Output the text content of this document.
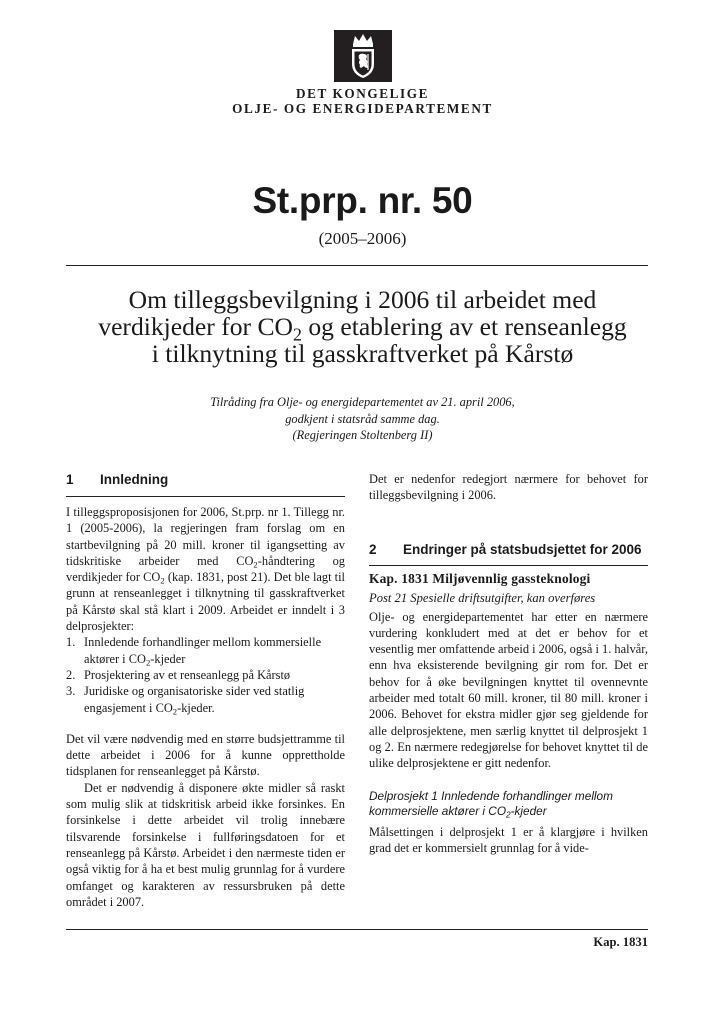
DET KONGELIGE
OLJE- OG ENERGIDEPARTEMENT
St.prp. nr. 50
(2005–2006)
Om tilleggsbevilgning i 2006 til arbeidet med
verdikjeder for $CO_2$ og etablering av et renseanlegg
i tilknytning til gasskraftverket på Kårstø
Tilråding fra Olje- og energidepartementet av 21. april 2006,
godkjent i statsråd samme dag.
(Regjeringen Stoltenberg II)
1 Innledning

I tilleggsproposisjonen for 2006, St.prp. nr 1. Tillegg nr. 1 (2005-2006), la regjeringen fram forslag om en startbevilgning på 20 mill. kroner til igangsetting av tidskritiske arbeider med $CO_2$-håndtering og verdikjeder for $CO_2$ (kap. 1831, post 21). Det ble lagt til grunn at renseanlegget i tilknytning til gasskraftverket på Kårstø skal stå klart i 2009. Arbeidet er inndelt i 3 delprosjekter:

1. Innledende forhandlinger mellom kommersielle aktører i $CO_2$-kjeder
2. Prosjektering av et renseanlegg på Kårstø
3. Juridiske og organisatoriske sider ved statlig engasjement i $CO_2$-kjeder.

Det vil være nødvendig med en større budsjettramme til dette arbeidet i 2006 for å kunne opprettholde tidsplanen for renseanlegget på Kårstø.

Det er nødvendig å disponere økte midler så raskt som mulig slik at tidskritisk arbeid ikke forsinkes. En forsinkelse i dette arbeidet vil trolig innebære tilsvarende forsinkelse i fullføringsdatoen for et renseanlegg på Kårstø. Arbeidet i den nærmeste tiden er også viktig for å ha et best mulig grunnlag for å vurdere omfanget og karakteren av ressursbruken på dette området i 2007.

Det er nedenfor redegjort nærmere for behovet for tilleggsbevilgning i 2006.

2 Endringer på statsbudsjettet for 2006
Kap. 1831 Miljøvennlig gassteknologi
Post 21 Spesielle driftsutgifter, kan overføres

Olje- og energidepartementet har etter en nærmere vurdering konkludert med at det er behov for et vesentlig mer omfattende arbeid i 2006, også i 1. halvår, enn hva eksisterende bevilgning gir rom for. Det er behov for å øke bevilgningen knyttet til ovennevnte arbeider med totalt 60 mill. kroner, til 80 mill. kroner i 2006. Behovet for ekstra midler gjør seg gjeldende for alle delprosjektene, men særlig knyttet til delprosjekt 1 og 2. En nærmere redegjørelse for behovet knyttet til de ulike delprosjektene er gitt nedenfor.

Delprosjekt 1 Innledende forhandlinger mellom kommersielle aktører i $CO_2$-kjeder

Målsettingen i delprosjekt 1 er å klargjøre i hvilken grad det er kommersielt grunnlag for å vide-

Kap. 1831
